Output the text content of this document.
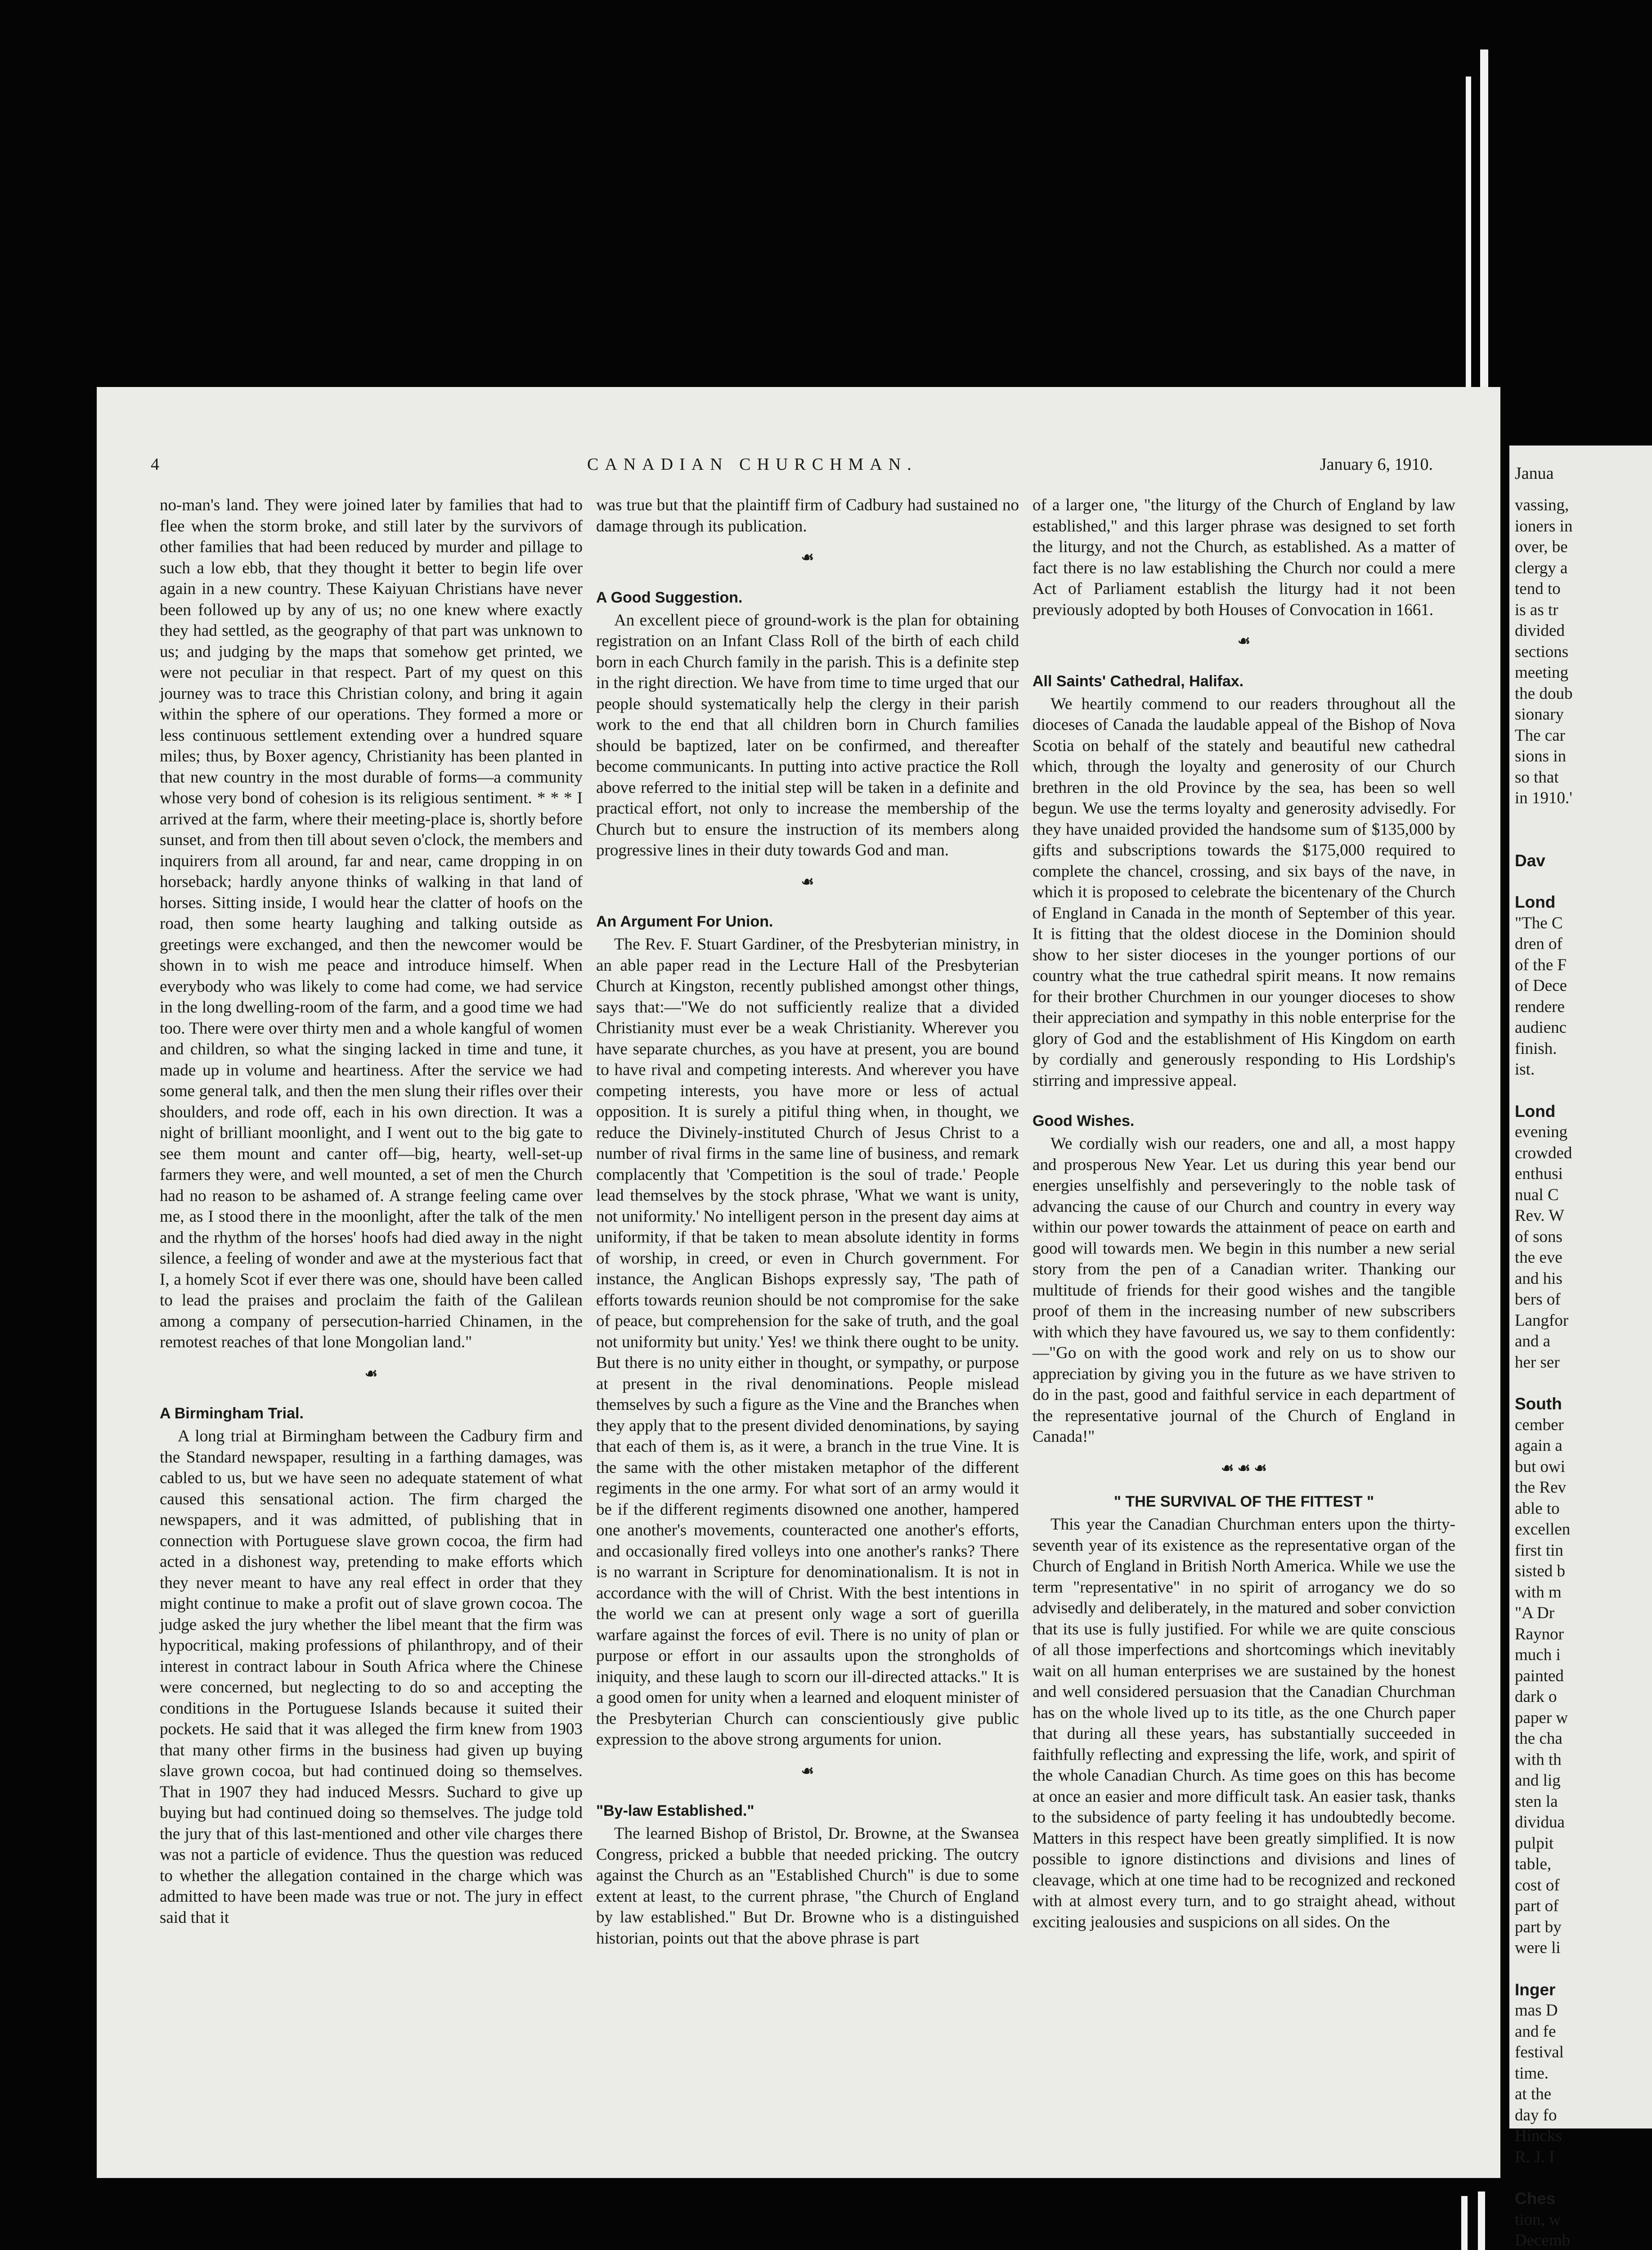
4	CANADIAN CHURCHMAN.	January 6, 1910.

no-man's land. They were joined later by families that had to flee when the storm broke, and still later by the survivors of other families that had been reduced by murder and pillage to such a low ebb, that they thought it better to begin life over again in a new country. These Kaiyuan Christians have never been followed up by any of us; no one knew where exactly they had settled, as the geography of that part was unknown to us; and judging by the maps that somehow get printed, we were not peculiar in that respect. Part of my quest on this journey was to trace this Christian colony, and bring it again within the sphere of our operations. They formed a more or less continuous settlement extending over a hundred square miles; thus, by Boxer agency, Christianity has been planted in that new country in the most durable of forms—a community whose very bond of cohesion is its religious sentiment. * * * I arrived at the farm, where their meeting-place is, shortly before sunset, and from then till about seven o'clock, the members and inquirers from all around, far and near, came dropping in on horseback; hardly anyone thinks of walking in that land of horses. Sitting inside, I would hear the clatter of hoofs on the road, then some hearty laughing and talking outside as greetings were exchanged, and then the newcomer would be shown in to wish me peace and introduce himself. When everybody who was likely to come had come, we had service in the long dwelling-room of the farm, and a good time we had too. There were over thirty men and a whole kangful of women and children, so what the singing lacked in time and tune, it made up in volume and heartiness. After the service we had some general talk, and then the men slung their rifles over their shoulders, and rode off, each in his own direction. It was a night of brilliant moonlight, and I went out to the big gate to see them mount and canter off—big, hearty, well-set-up farmers they were, and well mounted, a set of men the Church had no reason to be ashamed of. A strange feeling came over me, as I stood there in the moonlight, after the talk of the men and the rhythm of the horses' hoofs had died away in the night silence, a feeling of wonder and awe at the mysterious fact that I, a homely Scot if ever there was one, should have been called to lead the praises and proclaim the faith of the Galilean among a company of persecution-harried Chinamen, in the remotest reaches of that lone Mongolian land."

☙
A Birmingham Trial.

A long trial at Birmingham between the Cadbury firm and the Standard newspaper, resulting in a farthing damages, was cabled to us, but we have seen no adequate statement of what caused this sensational action. The firm charged the newspapers, and it was admitted, of publishing that in connection with Portuguese slave grown cocoa, the firm had acted in a dishonest way, pretending to make efforts which they never meant to have any real effect in order that they might continue to make a profit out of slave grown cocoa. The judge asked the jury whether the libel meant that the firm was hypocritical, making professions of philanthropy, and of their interest in contract labour in South Africa where the Chinese were concerned, but neglecting to do so and accepting the conditions in the Portuguese Islands because it suited their pockets. He said that it was alleged the firm knew from 1903 that many other firms in the business had given up buying slave grown cocoa, but had continued doing so themselves. That in 1907 they had induced Messrs. Suchard to give up buying but had continued doing so themselves. The judge told the jury that of this last-mentioned and other vile charges there was not a particle of evidence. Thus the question was reduced to whether the allegation contained in the charge which was admitted to have been made was true or not. The jury in effect said that it

was true but that the plaintiff firm of Cadbury had sustained no damage through its publication.

☙
A Good Suggestion.

An excellent piece of ground-work is the plan for obtaining registration on an Infant Class Roll of the birth of each child born in each Church family in the parish. This is a definite step in the right direction. We have from time to time urged that our people should systematically help the clergy in their parish work to the end that all children born in Church families should be baptized, later on be confirmed, and thereafter become communicants. In putting into active practice the Roll above referred to the initial step will be taken in a definite and practical effort, not only to increase the membership of the Church but to ensure the instruction of its members along progressive lines in their duty towards God and man.

☙
An Argument For Union.

The Rev. F. Stuart Gardiner, of the Presbyterian ministry, in an able paper read in the Lecture Hall of the Presbyterian Church at Kingston, recently published amongst other things, says that:—"We do not sufficiently realize that a divided Christianity must ever be a weak Christianity. Wherever you have separate churches, as you have at present, you are bound to have rival and competing interests. And wherever you have competing interests, you have more or less of actual opposition. It is surely a pitiful thing when, in thought, we reduce the Divinely-instituted Church of Jesus Christ to a number of rival firms in the same line of business, and remark complacently that 'Competition is the soul of trade.' People lead themselves by the stock phrase, 'What we want is unity, not uniformity.' No intelligent person in the present day aims at uniformity, if that be taken to mean absolute identity in forms of worship, in creed, or even in Church government. For instance, the Anglican Bishops expressly say, 'The path of efforts towards reunion should be not compromise for the sake of peace, but comprehension for the sake of truth, and the goal not uniformity but unity.' Yes! we think there ought to be unity. But there is no unity either in thought, or sympathy, or purpose at present in the rival denominations. People mislead themselves by such a figure as the Vine and the Branches when they apply that to the present divided denominations, by saying that each of them is, as it were, a branch in the true Vine. It is the same with the other mistaken metaphor of the different regiments in the one army. For what sort of an army would it be if the different regiments disowned one another, hampered one another's movements, counteracted one another's efforts, and occasionally fired volleys into one another's ranks? There is no warrant in Scripture for denominationalism. It is not in accordance with the will of Christ. With the best intentions in the world we can at present only wage a sort of guerilla warfare against the forces of evil. There is no unity of plan or purpose or effort in our assaults upon the strongholds of iniquity, and these laugh to scorn our ill-directed attacks." It is a good omen for unity when a learned and eloquent minister of the Presbyterian Church can conscientiously give public expression to the above strong arguments for union.

☙
"By-law Established."

The learned Bishop of Bristol, Dr. Browne, at the Swansea Congress, pricked a bubble that needed pricking. The outcry against the Church as an "Established Church" is due to some extent at least, to the current phrase, "the Church of England by law established." But Dr. Browne who is a distinguished historian, points out that the above phrase is part

of a larger one, "the liturgy of the Church of England by law established," and this larger phrase was designed to set forth the liturgy, and not the Church, as established. As a matter of fact there is no law establishing the Church nor could a mere Act of Parliament establish the liturgy had it not been previously adopted by both Houses of Convocation in 1661.

☙
All Saints' Cathedral, Halifax.

We heartily commend to our readers throughout all the dioceses of Canada the laudable appeal of the Bishop of Nova Scotia on behalf of the stately and beautiful new cathedral which, through the loyalty and generosity of our Church brethren in the old Province by the sea, has been so well begun. We use the terms loyalty and generosity advisedly. For they have unaided provided the handsome sum of $135,000 by gifts and subscriptions towards the $175,000 required to complete the chancel, crossing, and six bays of the nave, in which it is proposed to celebrate the bicentenary of the Church of England in Canada in the month of September of this year. It is fitting that the oldest diocese in the Dominion should show to her sister dioceses in the younger portions of our country what the true cathedral spirit means. It now remains for their brother Churchmen in our younger dioceses to show their appreciation and sympathy in this noble enterprise for the glory of God and the establishment of His Kingdom on earth by cordially and generously responding to His Lordship's stirring and impressive appeal.

Good Wishes.

We cordially wish our readers, one and all, a most happy and prosperous New Year. Let us during this year bend our energies unselfishly and perseveringly to the noble task of advancing the cause of our Church and country in every way within our power towards the attainment of peace on earth and good will towards men. We begin in this number a new serial story from the pen of a Canadian writer. Thanking our multitude of friends for their good wishes and the tangible proof of them in the increasing number of new subscribers with which they have favoured us, we say to them confidently:—"Go on with the good work and rely on us to show our appreciation by giving you in the future as we have striven to do in the past, good and faithful service in each department of the representative journal of the Church of England in Canada!"

☙ ☙ ☙
" THE SURVIVAL OF THE FITTEST "

This year the Canadian Churchman enters upon the thirty-seventh year of its existence as the representative organ of the Church of England in British North America. While we use the term "representative" in no spirit of arrogancy we do so advisedly and deliberately, in the matured and sober conviction that its use is fully justified. For while we are quite conscious of all those imperfections and shortcomings which inevitably wait on all human enterprises we are sustained by the honest and well considered persuasion that the Canadian Churchman has on the whole lived up to its title, as the one Church paper that during all these years, has substantially succeeded in faithfully reflecting and expressing the life, work, and spirit of the whole Canadian Church. As time goes on this has become at once an easier and more difficult task. An easier task, thanks to the subsidence of party feeling it has undoubtedly become. Matters in this respect have been greatly simplified. It is now possible to ignore distinctions and divisions and lines of cleavage, which at one time had to be recognized and reckoned with at almost every turn, and to go straight ahead, without exciting jealousies and suspicions on all sides. On the

Janua
vassing,
ioners in
over, be
clergy a
tend to
is as tr
divided
sections
meeting
the doub
sionary
The car
sions in
so that
in 1910.'
Dav
Lond
"The C
dren of
of the F
of Dece
rendere
audienc
finish.
ist.
Lond
evening
crowded
enthusi
nual C
Rev. W
of sons
the eve
and his
bers of
Langfor
and a
her ser
South
cember
again a
but owi
the Rev
able to
excellen
first tin
sisted b
with m
"A Dr
Raynor
much i
painted
dark o
paper w
the cha
with th
and lig
sten la
dividua
pulpit
table,
cost of
part of
part by
were li
Inger
mas D
and fe
festival
time.
at the
day fo
Hincks
R. J. I
Ches
tion, w
Decemb
